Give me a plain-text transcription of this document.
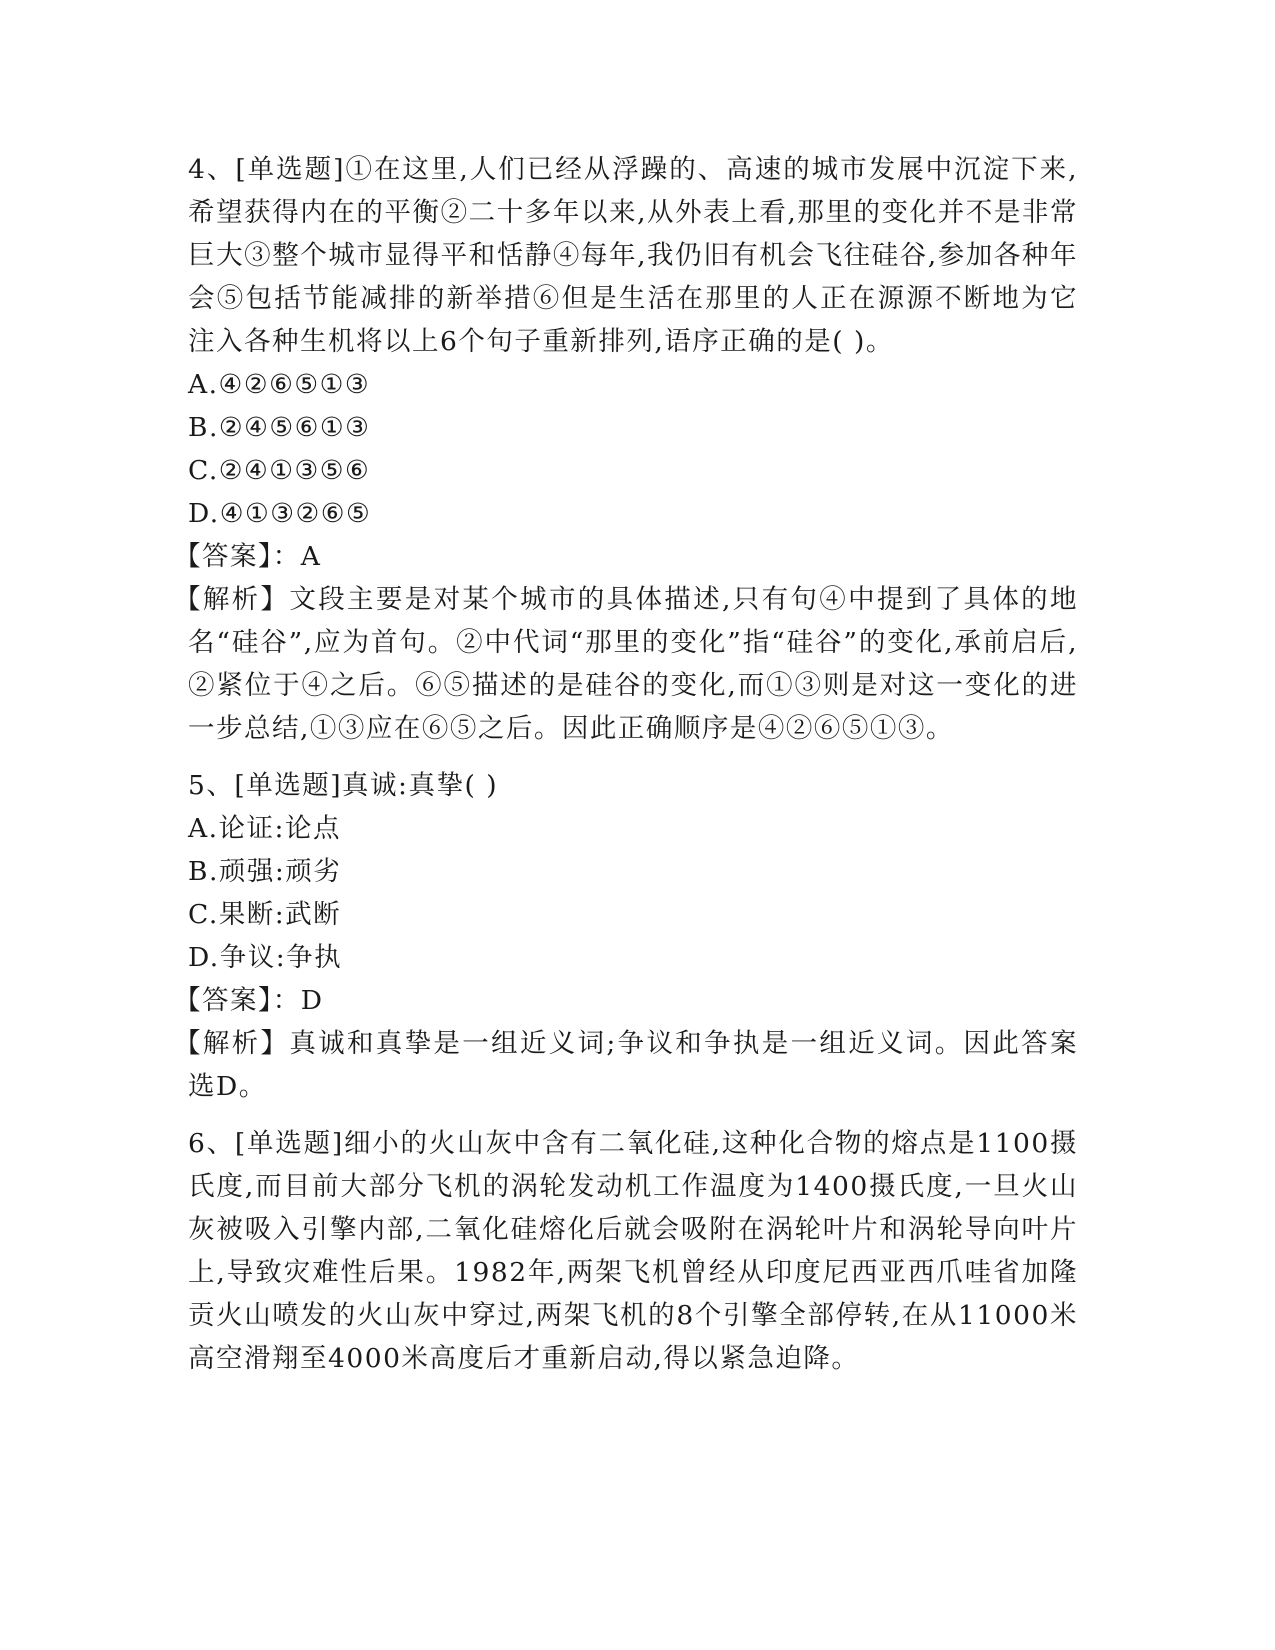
4、[单选题]①在这里,人们已经从浮躁的、高速的城市发展中沉淀下来,希望获得内在的平衡②二十多年以来,从外表上看,那里的变化并不是非常巨大③整个城市显得平和恬静④每年,我仍旧有机会飞往硅谷,参加各种年会⑤包括节能减排的新举措⑥但是生活在那里的人正在源源不断地为它注入各种生机将以上6个句子重新排列,语序正确的是( )。
A.④②⑥⑤①③
B.②④⑤⑥①③
C.②④①③⑤⑥
D.④①③②⑥⑤
【答案】：A
【解析】文段主要是对某个城市的具体描述,只有句④中提到了具体的地名“硅谷”,应为首句。②中代词“那里的变化”指“硅谷”的变化,承前启后,②紧位于④之后。⑥⑤描述的是硅谷的变化,而①③则是对这一变化的进一步总结,①③应在⑥⑤之后。因此正确顺序是④②⑥⑤①③。
5、[单选题]真诚:真挚( )
A.论证:论点
B.顽强:顽劣
C.果断:武断
D.争议:争执
【答案】：D
【解析】真诚和真挚是一组近义词;争议和争执是一组近义词。因此答案选D。
6、[单选题]细小的火山灰中含有二氧化硅,这种化合物的熔点是1100摄氏度,而目前大部分飞机的涡轮发动机工作温度为1400摄氏度,一旦火山灰被吸入引擎内部,二氧化硅熔化后就会吸附在涡轮叶片和涡轮导向叶片上,导致灾难性后果。1982年,两架飞机曾经从印度尼西亚西爪哇省加隆贡火山喷发的火山灰中穿过,两架飞机的8个引擎全部停转,在从11000米高空滑翔至4000米高度后才重新启动,得以紧急迫降。
